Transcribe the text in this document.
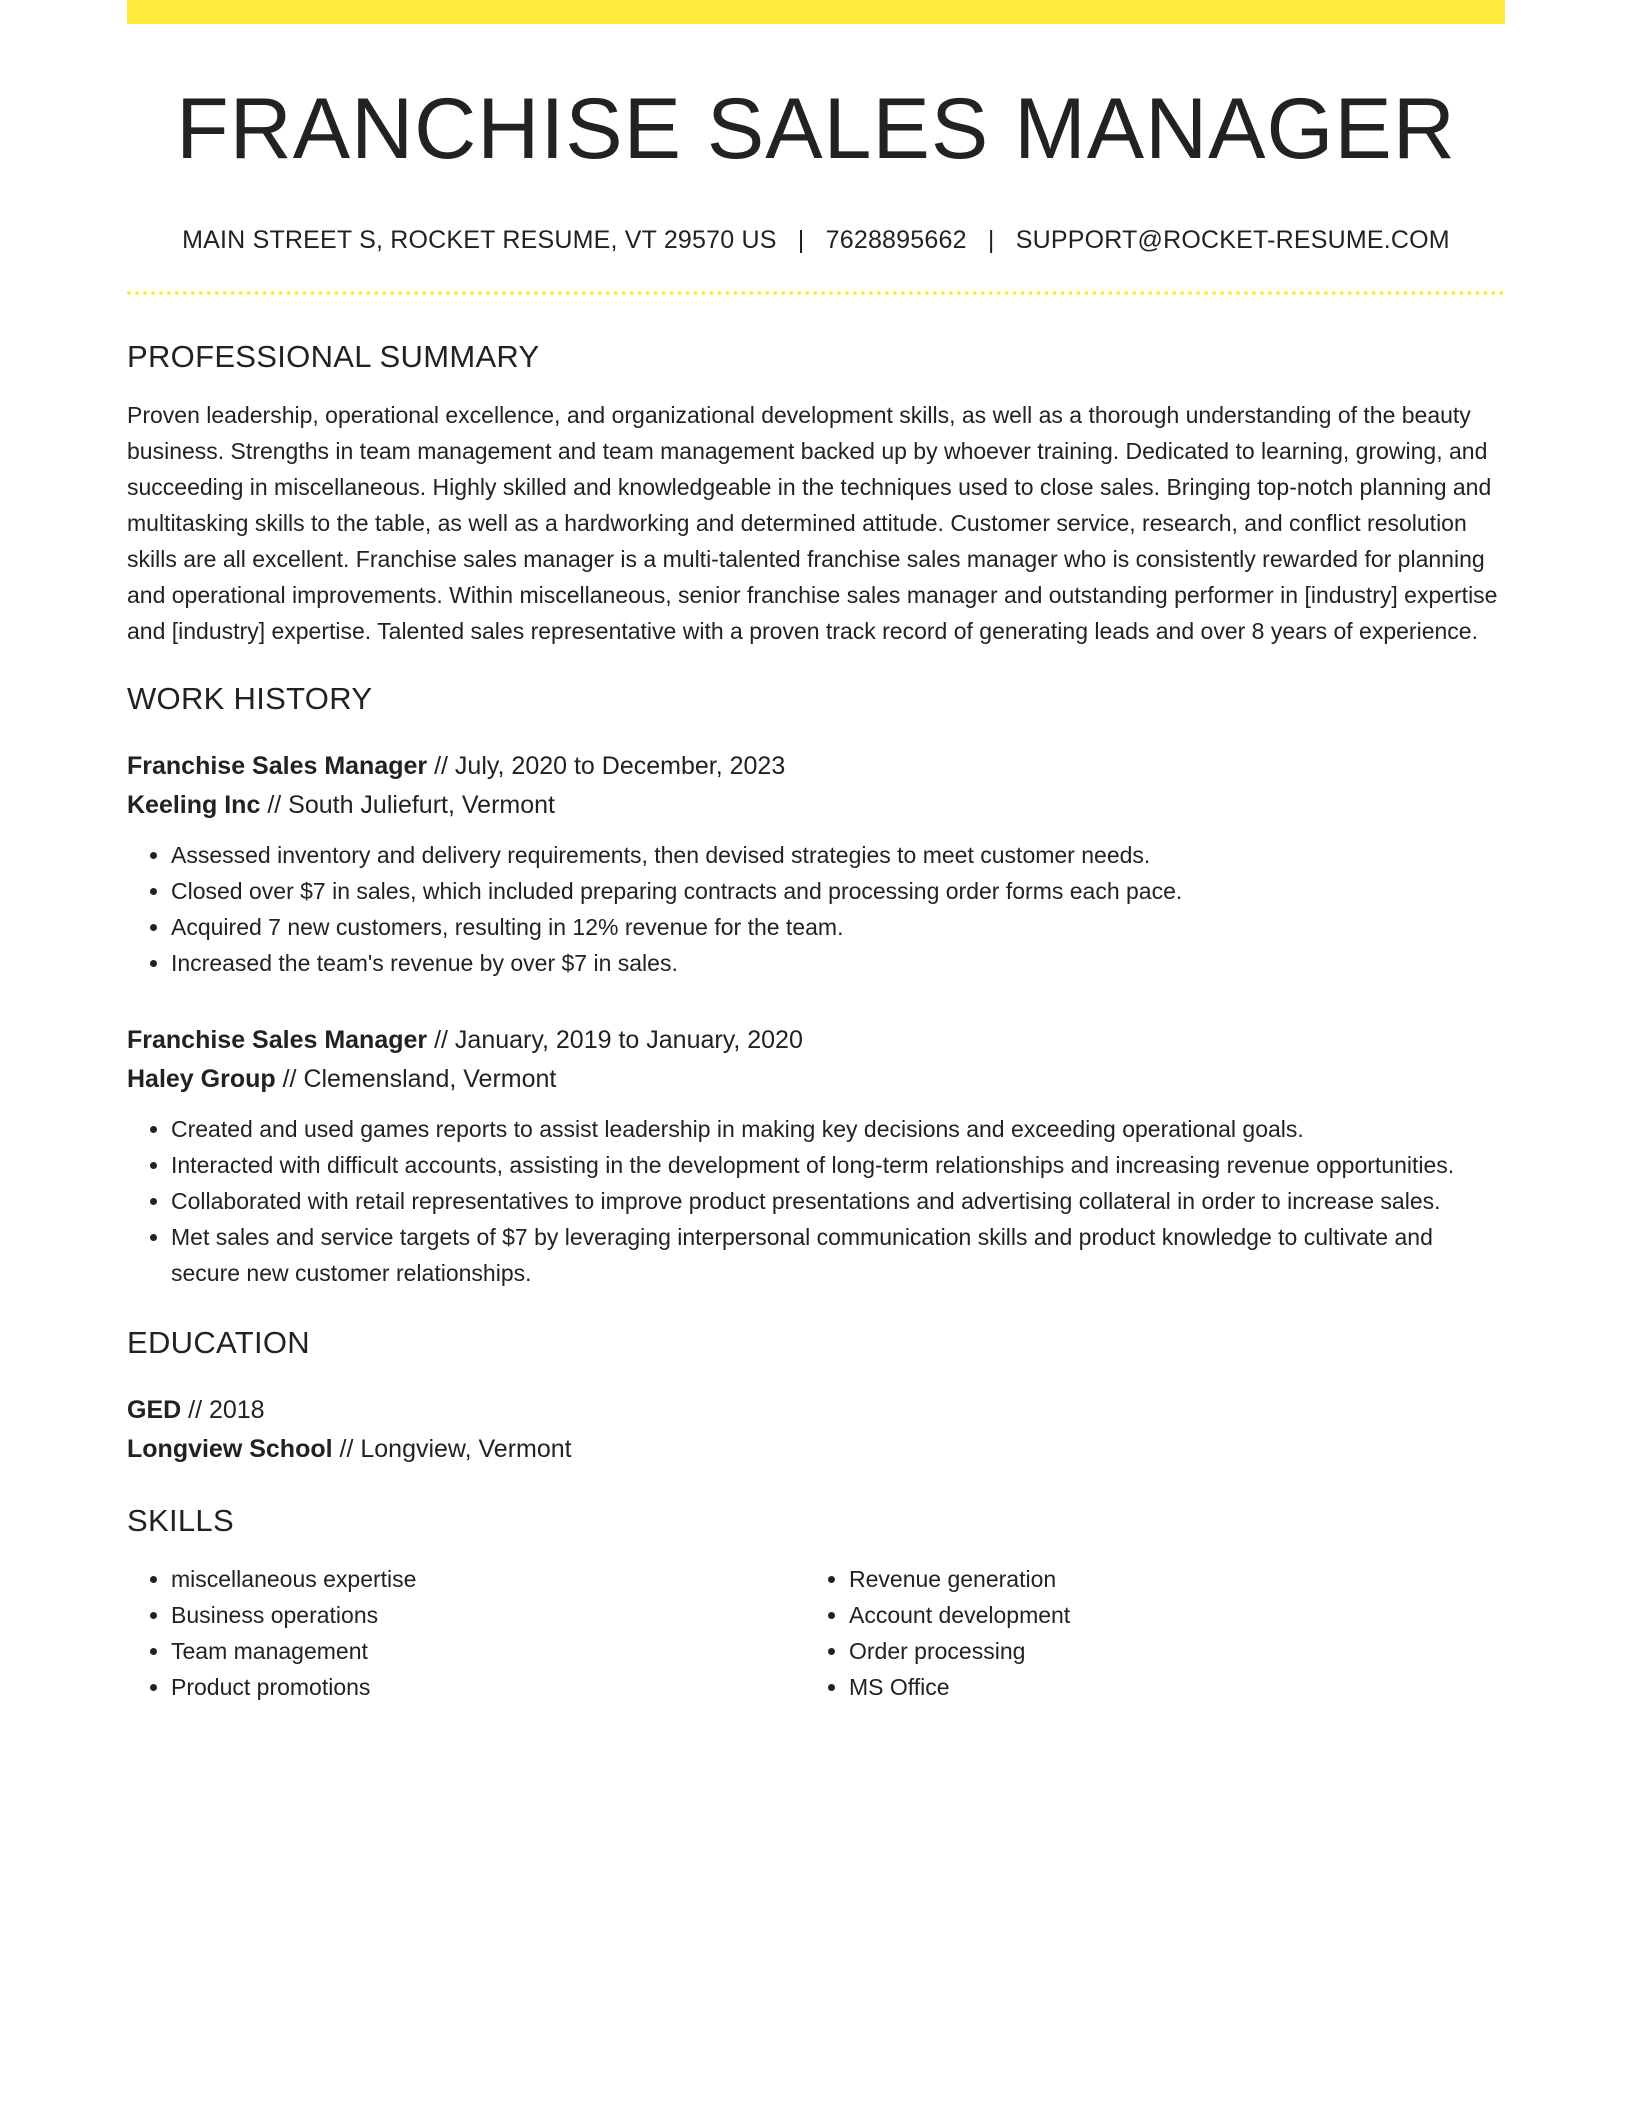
FRANCHISE SALES MANAGER
MAIN STREET S, ROCKET RESUME, VT 29570 US | 7628895662 | SUPPORT@ROCKET-RESUME.COM
PROFESSIONAL SUMMARY

Proven leadership, operational excellence, and organizational development skills, as well as a thorough understanding of the beauty business. Strengths in team management and team management backed up by whoever training. Dedicated to learning, growing, and succeeding in miscellaneous. Highly skilled and knowledgeable in the techniques used to close sales. Bringing top-notch planning and multitasking skills to the table, as well as a hardworking and determined attitude. Customer service, research, and conflict resolution skills are all excellent. Franchise sales manager is a multi-talented franchise sales manager who is consistently rewarded for planning and operational improvements. Within miscellaneous, senior franchise sales manager and outstanding performer in [industry] expertise and [industry] expertise. Talented sales representative with a proven track record of generating leads and over 8 years of experience.

WORK HISTORY
Franchise Sales Manager // July, 2020 to December, 2023
Keeling Inc // South Juliefurt, Vermont
• Assessed inventory and delivery requirements, then devised strategies to meet customer needs.
• Closed over $7 in sales, which included preparing contracts and processing order forms each pace.
• Acquired 7 new customers, resulting in 12% revenue for the team.
• Increased the team's revenue by over $7 in sales.
Franchise Sales Manager // January, 2019 to January, 2020
Haley Group // Clemensland, Vermont
• Created and used games reports to assist leadership in making key decisions and exceeding operational goals.
• Interacted with difficult accounts, assisting in the development of long-term relationships and increasing revenue opportunities.
• Collaborated with retail representatives to improve product presentations and advertising collateral in order to increase sales.
• Met sales and service targets of $7 by leveraging interpersonal communication skills and product knowledge to cultivate and secure new customer relationships.
EDUCATION
GED // 2018
Longview School // Longview, Vermont
SKILLS
• miscellaneous expertise
• Business operations
• Team management
• Product promotions
• Revenue generation
• Account development
• Order processing
• MS Office
